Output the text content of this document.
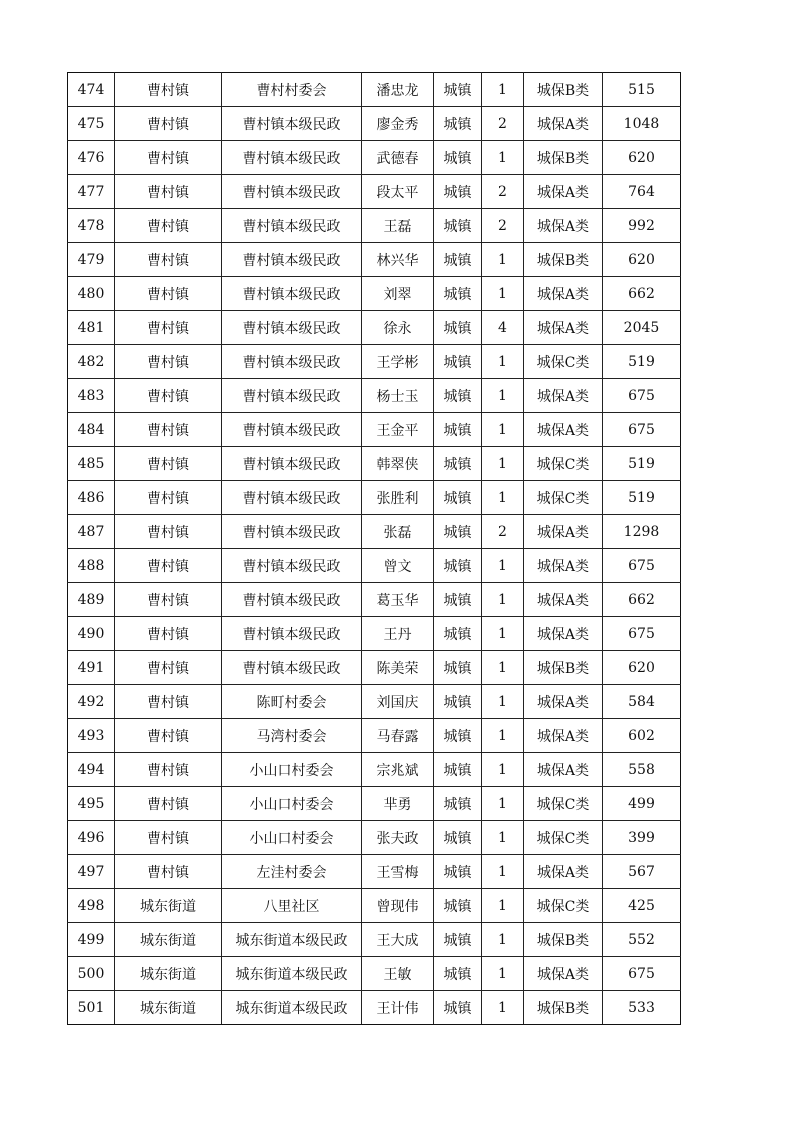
474	曹村镇	曹村村委会	潘忠龙	城镇	1	城保B类	515
475	曹村镇	曹村镇本级民政	廖金秀	城镇	2	城保A类	1048
476	曹村镇	曹村镇本级民政	武德春	城镇	1	城保B类	620
477	曹村镇	曹村镇本级民政	段太平	城镇	2	城保A类	764
478	曹村镇	曹村镇本级民政	王磊	城镇	2	城保A类	992
479	曹村镇	曹村镇本级民政	林兴华	城镇	1	城保B类	620
480	曹村镇	曹村镇本级民政	刘翠	城镇	1	城保A类	662
481	曹村镇	曹村镇本级民政	徐永	城镇	4	城保A类	2045
482	曹村镇	曹村镇本级民政	王学彬	城镇	1	城保C类	519
483	曹村镇	曹村镇本级民政	杨士玉	城镇	1	城保A类	675
484	曹村镇	曹村镇本级民政	王金平	城镇	1	城保A类	675
485	曹村镇	曹村镇本级民政	韩翠侠	城镇	1	城保C类	519
486	曹村镇	曹村镇本级民政	张胜利	城镇	1	城保C类	519
487	曹村镇	曹村镇本级民政	张磊	城镇	2	城保A类	1298
488	曹村镇	曹村镇本级民政	曾文	城镇	1	城保A类	675
489	曹村镇	曹村镇本级民政	葛玉华	城镇	1	城保A类	662
490	曹村镇	曹村镇本级民政	王丹	城镇	1	城保A类	675
491	曹村镇	曹村镇本级民政	陈美荣	城镇	1	城保B类	620
492	曹村镇	陈町村委会	刘国庆	城镇	1	城保A类	584
493	曹村镇	马湾村委会	马春露	城镇	1	城保A类	602
494	曹村镇	小山口村委会	宗兆斌	城镇	1	城保A类	558
495	曹村镇	小山口村委会	芈勇	城镇	1	城保C类	499
496	曹村镇	小山口村委会	张夫政	城镇	1	城保C类	399
497	曹村镇	左洼村委会	王雪梅	城镇	1	城保A类	567
498	城东街道	八里社区	曾现伟	城镇	1	城保C类	425
499	城东街道	城东街道本级民政	王大成	城镇	1	城保B类	552
500	城东街道	城东街道本级民政	王敏	城镇	1	城保A类	675
501	城东街道	城东街道本级民政	王计伟	城镇	1	城保B类	533
